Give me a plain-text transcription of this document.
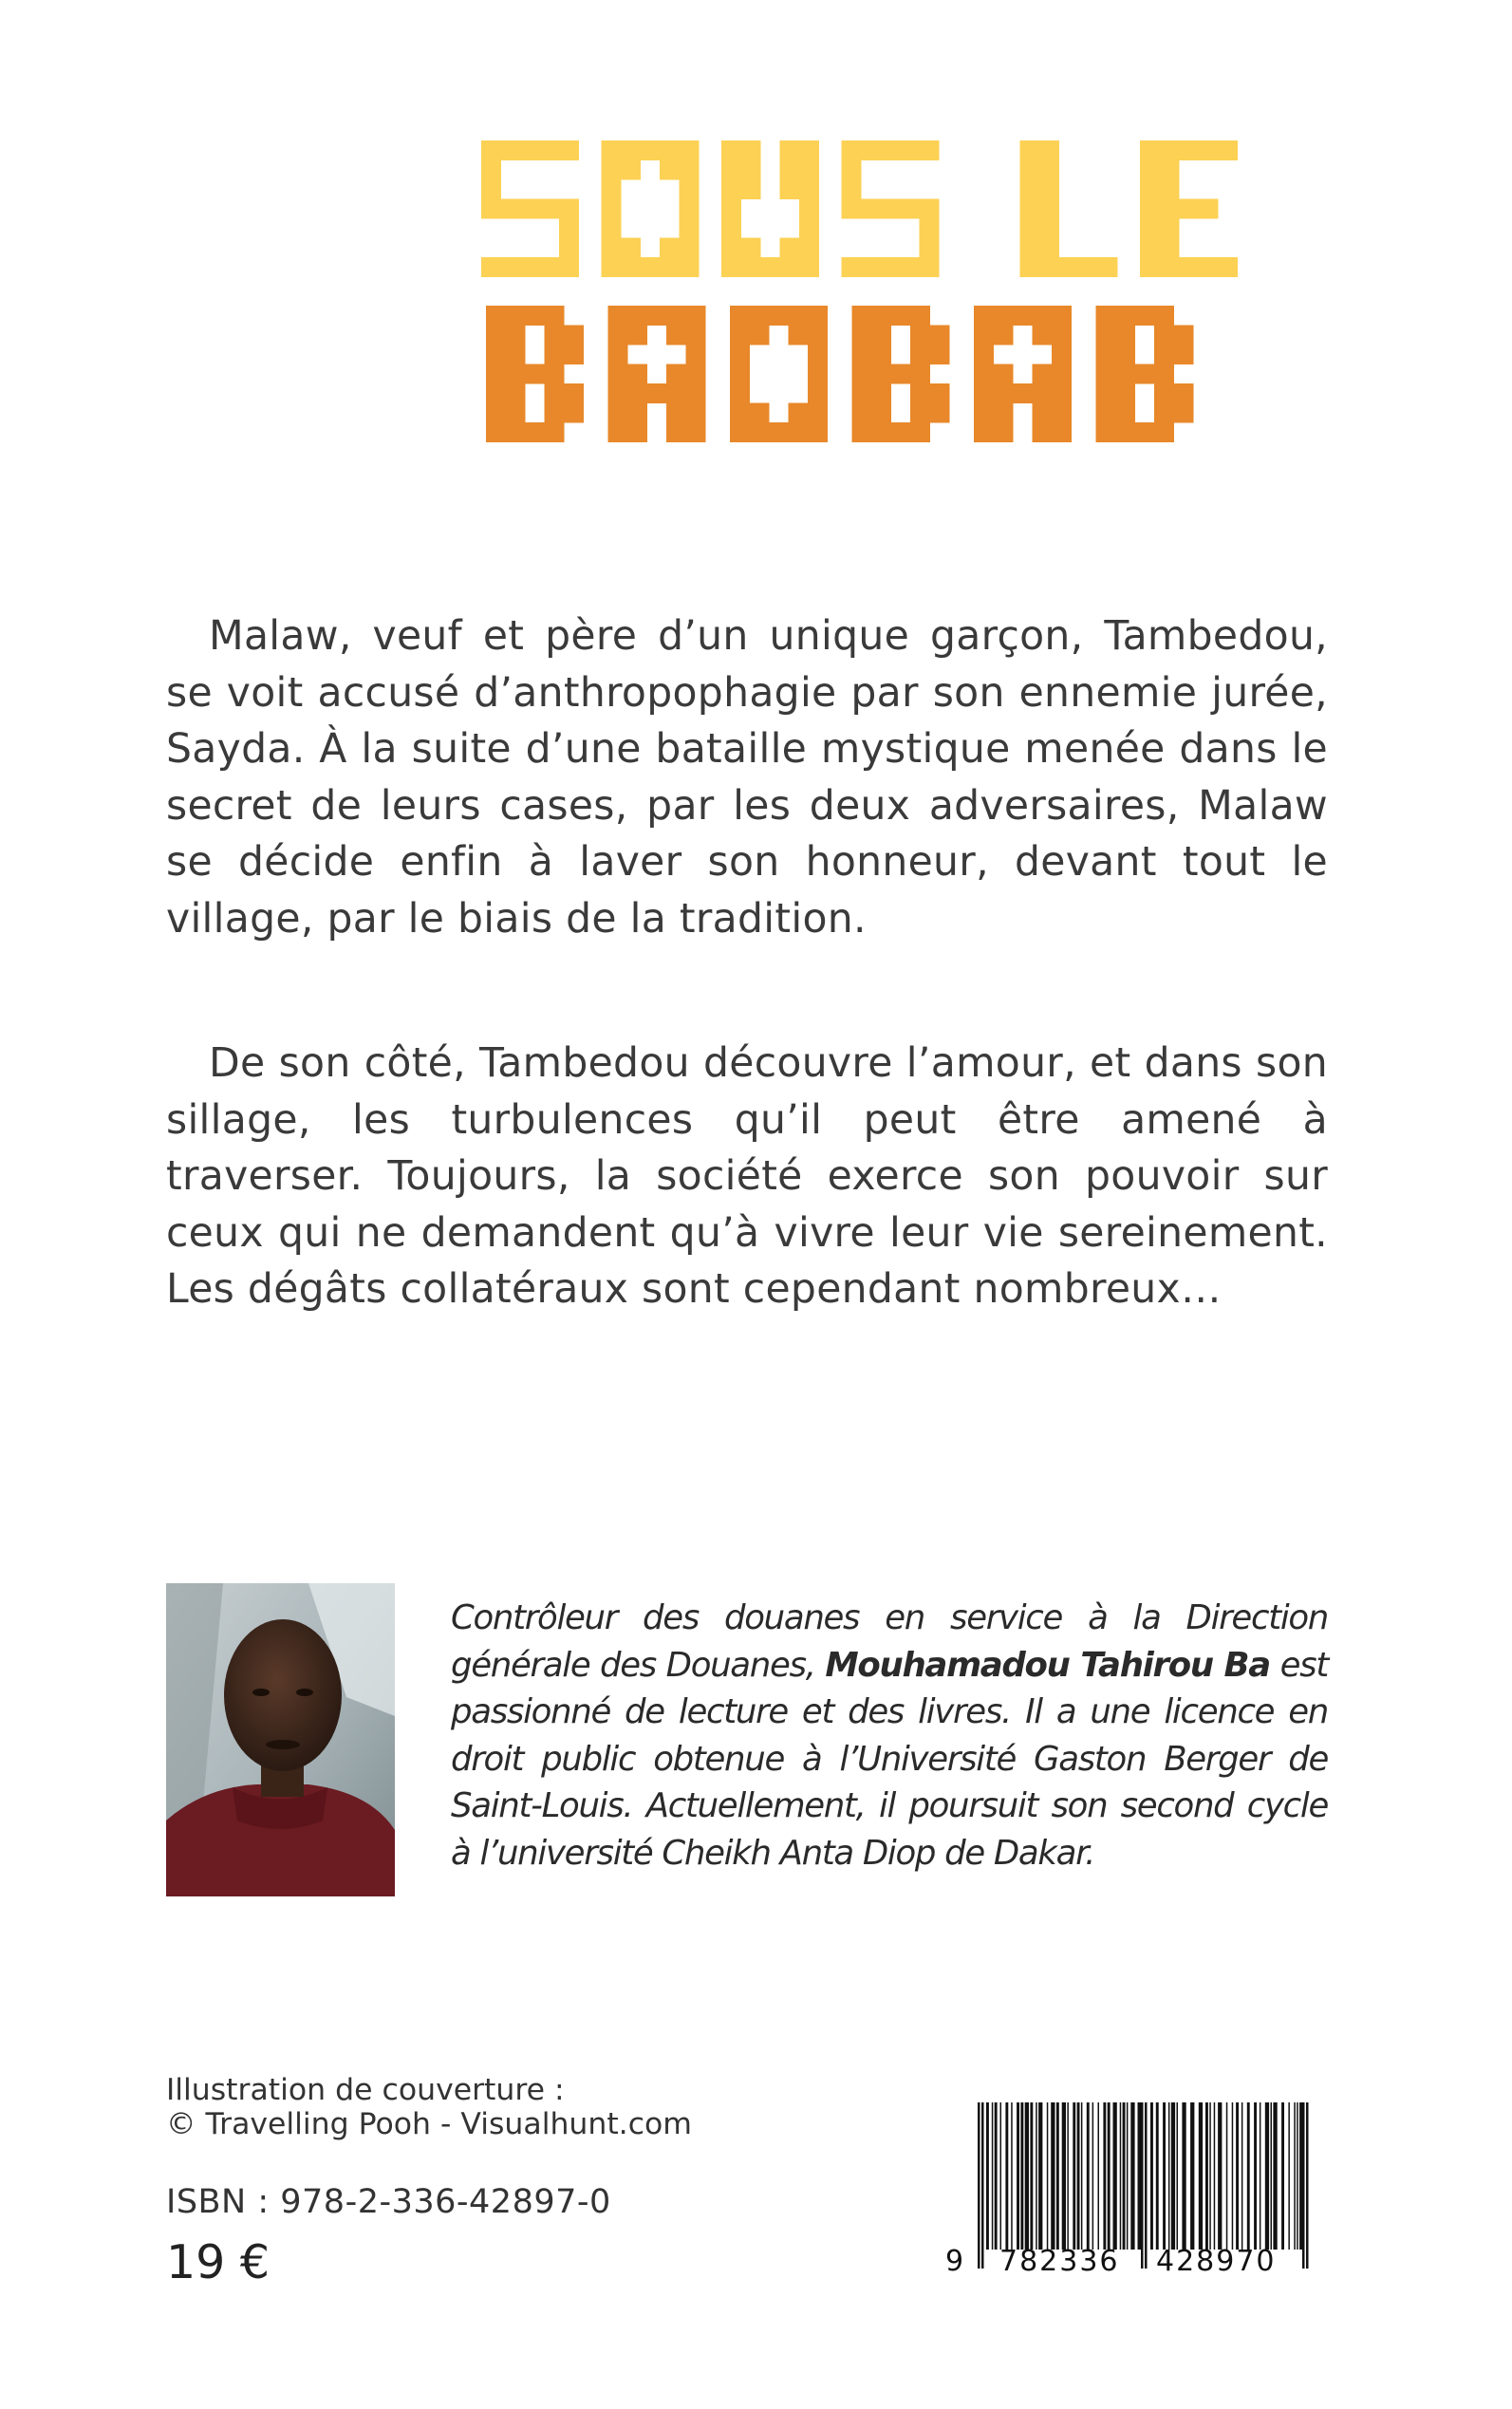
Malaw, veuf et père d’un unique garçon, Tambedou, se voit accusé d’anthropophagie par son ennemie jurée, Sayda. À la suite d’une bataille mystique menée dans le secret de leurs cases, par les deux adversaires, Malaw se décide enfin à laver son honneur, devant tout le village, par le biais de la tradition.

De son côté, Tambedou découvre l’amour, et dans son sillage, les turbulences qu’il peut être amené à traverser. Toujours, la société exerce son pouvoir sur ceux qui ne demandent qu’à vivre leur vie sereinement. Les dégâts collatéraux sont cependant nombreux…

Contrôleur des douanes en service à la Direction générale des Douanes, Mouhamadou Tahirou Ba est passionné de lecture et des livres. Il a une licence en droit public obtenue à l’Université Gaston Berger de Saint-Louis. Actuellement, il poursuit son second cycle à l’université Cheikh Anta Diop de Dakar.

Illustration de couverture :
© Travelling Pooh - Visualhunt.com
ISBN : 978-2-336-42897-0
19 €	9 782336 428970
